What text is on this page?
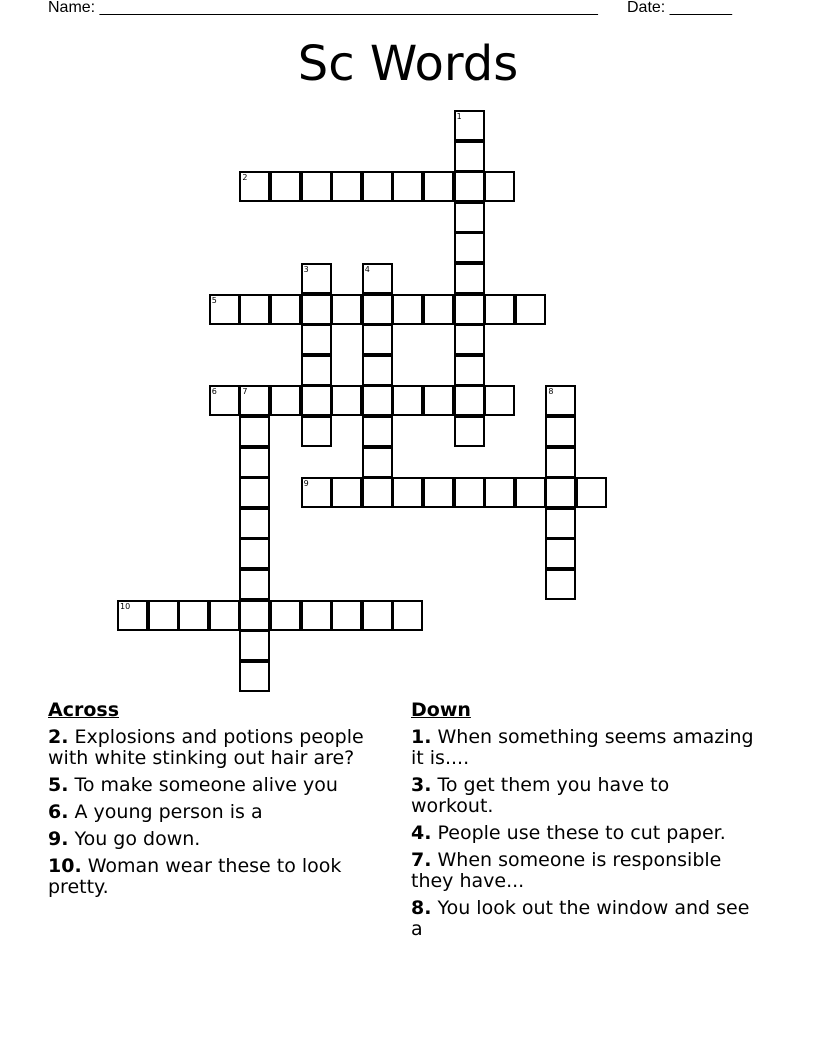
Name: ________________________________________________________ Date: _______
Sc Words
1
2
3	4
5
6	7	8
9
10
Across
2. Explosions and potions people with white stinking out hair are?
5. To make someone alive you
6. A young person is a
9. You go down.
10. Woman wear these to look pretty.
Down
1. When something seems amazing it is....
3. To get them you have to workout.
4. People use these to cut paper.
7. When someone is responsible they have...
8. You look out the window and see a
